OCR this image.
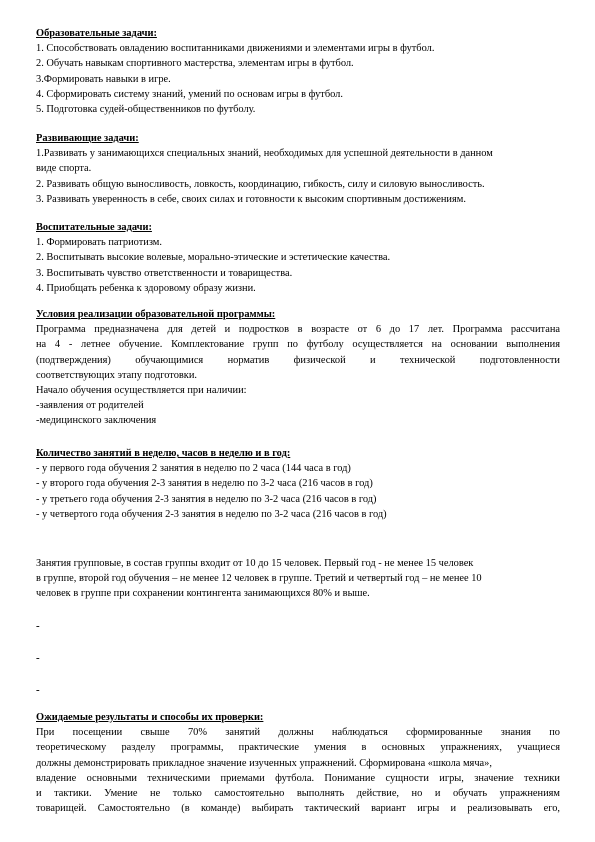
Образовательные задачи:
1. Способствовать овладению воспитанниками движениями и элементами игры в футбол.
2. Обучать навыкам спортивного мастерства, элементам игры в футбол.
3.Формировать навыки в игре.
4. Сформировать систему знаний, умений по основам игры в футбол.
5. Подготовка судей-общественников по футболу.
Развивающие задачи:
1.Развивать у занимающихся специальных знаний, необходимых для успешной деятельности в данном
виде спорта.
2. Развивать общую выносливость, ловкость, координацию, гибкость, силу и силовую выносливость.
3. Развивать уверенность в себе, своих силах и готовности к высоким спортивным достижениям.
Воспитательные задачи:
1. Формировать патриотизм.
2. Воспитывать высокие волевые, морально-этические и эстетические качества.
3. Воспитывать чувство ответственности и товарищества.
4. Приобщать ребенка к здоровому образу жизни.
Условия реализации образовательной программы:
Программа предназначена для детей и подростков в возрасте от 6 до 17 лет. Программа рассчитана
на 4 - летнее обучение. Комплектование групп по футболу осуществляется на основании выполнения
(подтверждения) обучающимися норматив физической и технической подготовленности
соответствующих этапу подготовки.
Начало обучения осуществляется при наличии:
-заявления от родителей
-медицинского заключения
Количество занятий в неделю, часов в неделю и в год:
- у первого года обучения 2 занятия в неделю по 2 часа (144 часа в год)
- у второго года обучения 2-3 занятия в неделю по 3-2 часа (216 часов в год)
- у третьего года обучения 2-3 занятия в неделю по 3-2 часа (216 часов в год)
- у четвертого года обучения 2-3 занятия в неделю по 3-2 часа (216 часов в год)
Занятия групповые, в состав группы входит от 10 до 15 человек. Первый год - не менее 15 человек
в группе, второй год обучения – не менее 12 человек в группе. Третий и четвертый год – не менее 10
человек в группе при сохранении контингента занимающихся 80% и выше.
-
-
-
Ожидаемые результаты и способы их проверки:
При посещении свыше 70% занятий должны наблюдаться сформированные знания по
теоретическому разделу программы, практические умения в основных упражнениях, учащиеся
должны демонстрировать прикладное значение изученных упражнений. Сформирована «школа мяча»,
владение основными техническими приемами футбола. Понимание сущности игры, значение техники
и тактики. Умение не только самостоятельно выполнять действие, но и обучать упражнениям
товарищей. Самостоятельно (в команде) выбирать тактический вариант игры и реализовывать его,
